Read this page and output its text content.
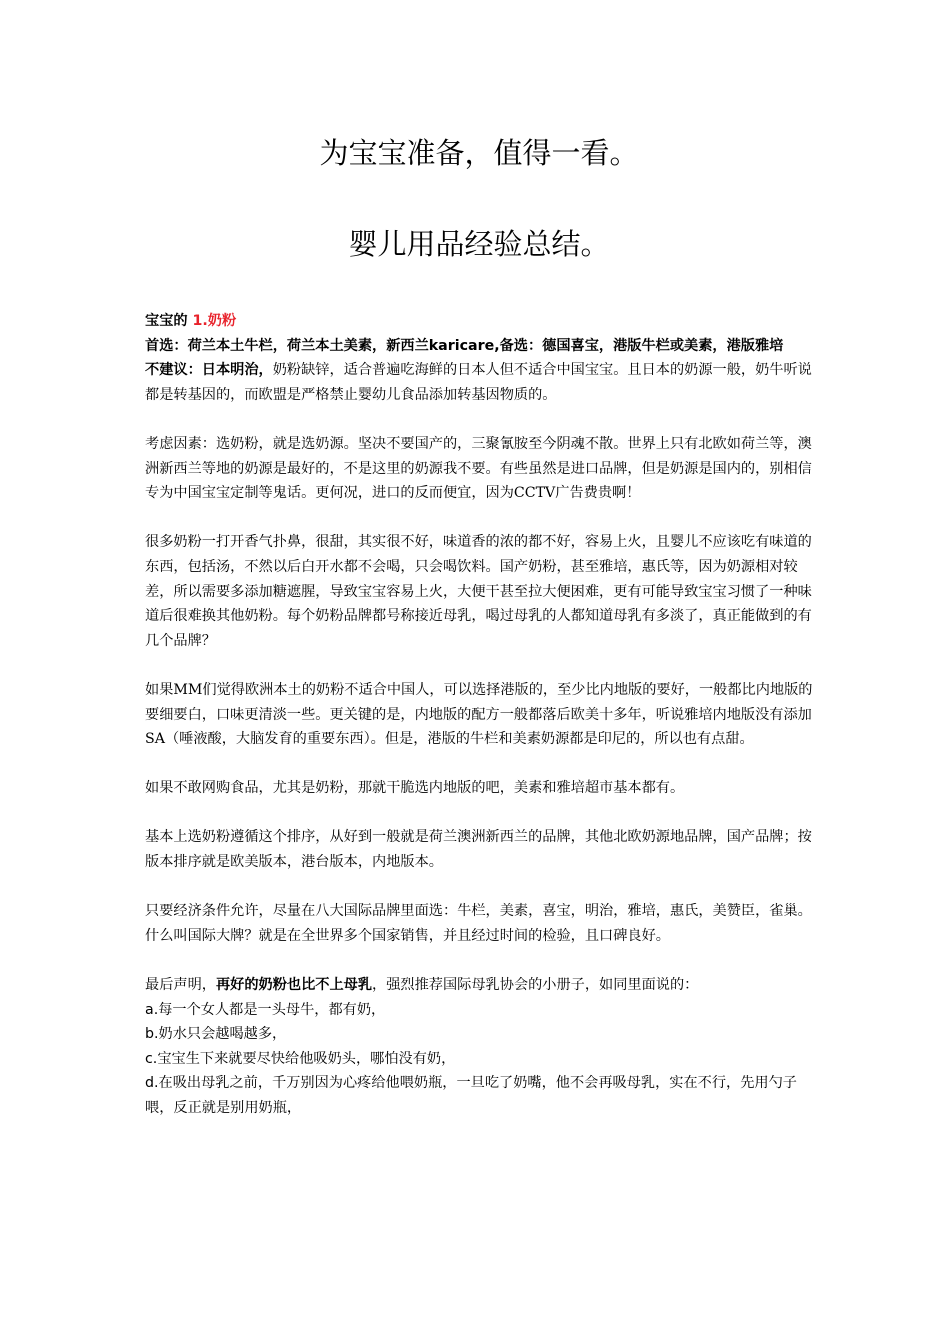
为宝宝准备，值得一看。
婴儿用品经验总结。

宝宝的 1.奶粉

首选：荷兰本土牛栏，荷兰本土美素，新西兰karicare,备选：德国喜宝，港版牛栏或美素，港版雅培

不建议：日本明治，奶粉缺锌，适合普遍吃海鲜的日本人但不适合中国宝宝。且日本的奶源一般，奶牛听说都是转基因的，而欧盟是严格禁止婴幼儿食品添加转基因物质的。

考虑因素：选奶粉，就是选奶源。坚决不要国产的，三聚氰胺至今阴魂不散。世界上只有北欧如荷兰等，澳洲新西兰等地的奶源是最好的，不是这里的奶源我不要。有些虽然是进口品牌，但是奶源是国内的，别相信专为中国宝宝定制等鬼话。更何况，进口的反而便宜，因为CCTV广告费贵啊！

很多奶粉一打开香气扑鼻，很甜，其实很不好，味道香的浓的都不好，容易上火，且婴儿不应该吃有味道的东西，包括汤，不然以后白开水都不会喝，只会喝饮料。国产奶粉，甚至雅培，惠氏等，因为奶源相对较差，所以需要多添加糖遮腥，导致宝宝容易上火，大便干甚至拉大便困难，更有可能导致宝宝习惯了一种味道后很难换其他奶粉。每个奶粉品牌都号称接近母乳，喝过母乳的人都知道母乳有多淡了，真正能做到的有几个品牌？

如果MM们觉得欧洲本土的奶粉不适合中国人，可以选择港版的，至少比内地版的要好，一般都比内地版的要细要白，口味更清淡一些。更关键的是，内地版的配方一般都落后欧美十多年，听说雅培内地版没有添加SA（唾液酸，大脑发育的重要东西）。但是，港版的牛栏和美素奶源都是印尼的，所以也有点甜。

如果不敢网购食品，尤其是奶粉，那就干脆选内地版的吧，美素和雅培超市基本都有。

基本上选奶粉遵循这个排序，从好到一般就是荷兰澳洲新西兰的品牌，其他北欧奶源地品牌，国产品牌；按版本排序就是欧美版本，港台版本，内地版本。

只要经济条件允许，尽量在八大国际品牌里面选：牛栏，美素，喜宝，明治，雅培，惠氏，美赞臣，雀巢。什么叫国际大牌？就是在全世界多个国家销售，并且经过时间的检验，且口碑良好。

最后声明，再好的奶粉也比不上母乳，强烈推荐国际母乳协会的小册子，如同里面说的：

a.每一个女人都是一头母牛，都有奶，

b.奶水只会越喝越多，

c.宝宝生下来就要尽快给他吸奶头，哪怕没有奶，

d.在吸出母乳之前，千万别因为心疼给他喂奶瓶，一旦吃了奶嘴，他不会再吸母乳，实在不行，先用勺子喂，反正就是别用奶瓶，
